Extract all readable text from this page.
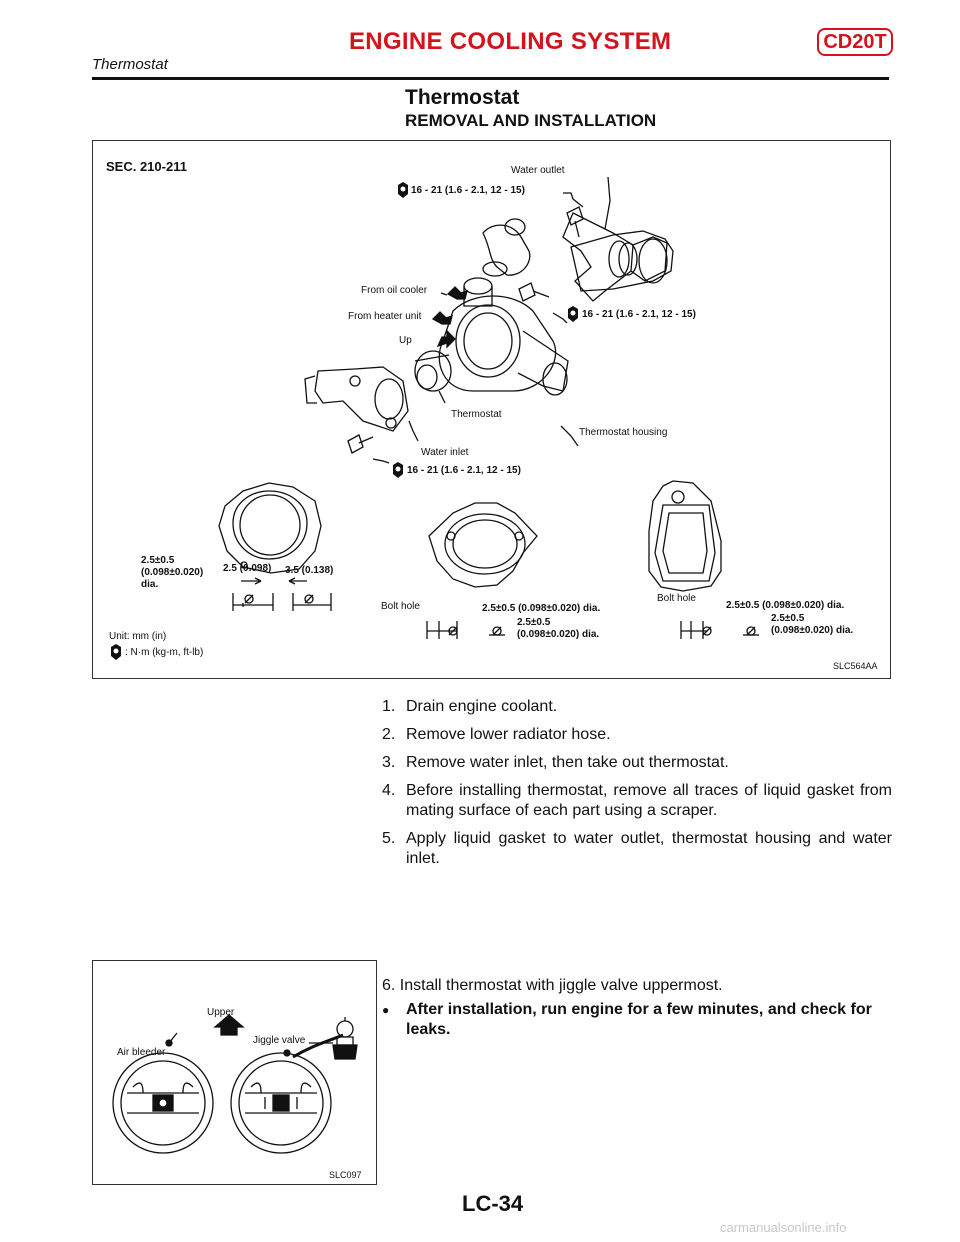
ENGINE COOLING SYSTEM	CD20T
Thermostat
Thermostat
REMOVAL AND INSTALLATION
SEC. 210-211	Water outlet
16 - 21 (1.6 - 2.1, 12 - 15)
From oil cooler
From heater unit
Up
16 - 21 (1.6 - 2.1, 12 - 15)
Thermostat
Thermostat housing
Water inlet
16 - 21 (1.6 - 2.1, 12 - 15)
2.5±0.5
(0.098±0.020)
dia.
2.5 (0.098) 3.5 (0.138)
Bolt hole	2.5±0.5 (0.098±0.020) dia.
2.5±0.5
(0.098±0.020) dia.
Bolt hole
2.5±0.5 (0.098±0.020) dia.
2.5±0.5
(0.098±0.020) dia.
Unit: mm (in)
: N·m (kg-m, ft-lb)
SLC564AA
1. Drain engine coolant.
2. Remove lower radiator hose.
3. Remove water inlet, then take out thermostat.
4. Before installing thermostat, remove all traces of liquid gasket from mating surface of each part using a scraper.
5. Apply liquid gasket to water outlet, thermostat housing and water inlet.
Upper
Jiggle valve
Air bleeder
SLC097
6. Install thermostat with jiggle valve uppermost.
●	After installation, run engine for a few minutes, and check for leaks.
LC-34
carmanualsonline.info
